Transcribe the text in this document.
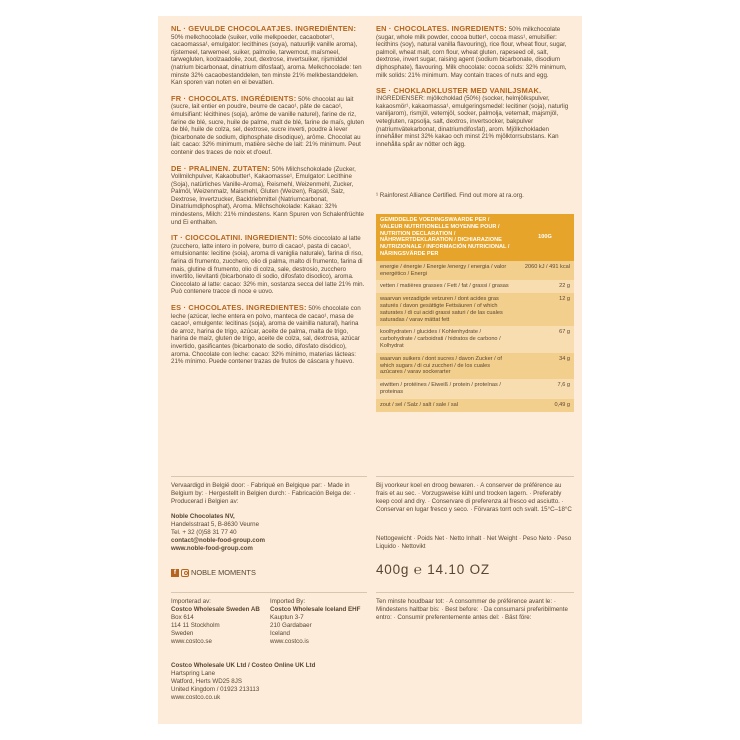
NL · GEVULDE CHOCOLAATJES. INGREDIËNTEN: 50% melkchocolade (suiker, volle melkpoeder, cacaoboter¹, cacaomassa¹, emulgator: lecithines (soya), natuurlijk vanille aroma), rijstemeel, tarwemeel, suiker, palmolie, tarwemout, maïsmeel, tarwegluten, koolzaadolie, zout, dextrose, invertsuiker, rijsmiddel (natrium bicarbonaat, dinatrium difosfaat), aroma. Melkchocolade: ten minste 32% cacaobestanddelen, ten minste 21% melkbestanddelen. Kan sporen van noten en ei bevatten.
FR · CHOCOLATS. INGRÉDIENTS: 50% chocolat au lait (sucre, lait entier en poudre, beurre de cacao¹, pâte de cacao¹, émulsifiant: lécithines (soja), arôme de vanille naturel), farine de riz, farine de blé, sucre, huile de palme, malt de blé, farine de maïs, gluten de blé, huile de colza, sel, dextrose, sucre inverti, poudre à lever (bicarbonate de sodium, diphosphate disodique), arôme. Chocolat au lait: cacao: 32% minimum, matière sèche de lait: 21% minimum. Peut contenir des traces de noix et d'oeuf.
DE · PRALINEN. ZUTATEN: 50% Milchschokolade (Zucker, Vollmilchpulver, Kakaobutter¹, Kakaomasse¹, Emulgator: Lecithine (Soja), natürliches Vanille-Aroma), Reismehl, Weizenmehl, Zucker, Palmöl, Weizenmalz, Maismehl, Gluten (Weizen), Rapsöl, Salz, Dextrose, Invertzucker, Backtriebmittel (Natriumcarbonat, Dinatriumdiphosphat), Aroma. Milchschokolade: Kakao: 32% mindestens, Milch: 21% mindestens. Kann Spuren von Schalenfrüchte und Ei enthalten.
IT · CIOCCOLATINI. INGREDIENTI: 50% cioccolato al latte (zucchero, latte intero in polvere, burro di cacao¹, pasta di cacao¹, emulsionante: lecitine (soia), aroma di vaniglia naturale), farina di riso, farina di frumento, zucchero, olio di palma, malto di frumento, farina di mais, glutine di frumento, olio di colza, sale, destrosio, zucchero invertito, lievitanti (bicarbonato di sodio, difosfato disodico), aroma. Cioccolato al latte: cacao: 32% min, sostanza secca del latte 21% min. Può contenere tracce di noce e uovo.
ES · CHOCOLATES. INGREDIENTES: 50% chocolate con leche (azúcar, leche entera en polvo, manteca de cacao¹, masa de cacao¹, emulgente: lecitinas (soja), aroma de vainilla natural), harina de arroz, harina de trigo, azúcar, aceite de palma, malta de trigo, harina de maíz, gluten de trigo, aceite de colza, sal, dextrosa, azúcar invertido, gasificantes (bicarbonato de sodio, difosfato disódico), aroma. Chocolate con leche: cacao: 32% mínimo, materias lácteas: 21% mínimo. Puede contener trazas de frutos de cáscara y huevo.
EN · CHOCOLATES. INGREDIENTS: 50% milkchocolate (sugar, whole milk powder, cocoa butter¹, cocoa mass¹, emulsifier: lecithins (soy), natural vanilla flavouring), rice flour, wheat flour, sugar, palmoil, wheat malt, corn flour, wheat gluten, rapeseed oil, salt, dextrose, invert sugar, raising agent (sodium bicarbonate, disodium diphosphate), flavouring. Milk chocolate: cocoa solids: 32% minimum, milk solids: 21% minimum. May contain traces of nuts and egg.
SE · CHOKLADKLUSTER MED VANILJSMAK.
INGREDIENSER: mjölkchoklad (50%) (socker, helmjölkspulver, kakaosmör¹, kakaomassa¹, emulgeringsmedel: lecitiner (soja), naturlig vaniljarom), rismjöl, vetemjöl, socker, palmolja, vetemalt, majsmjöl, vetegluten, rapsolja, salt, dextros, invertsocker, bakpulver (natriumvätekarbonat, dinatriumdifosfat), arom. Mjölkchokladen innehåller minst 32% kakao och minst 21% mjölktorrsubstans. Kan innehålla spår av nötter och ägg.
¹ Rainforest Alliance Certified. Find out more at ra.org.
GEMIDDELDE VOEDINGSWAARDE PER / VALEUR NUTRITIONELLE MOYENNE POUR / NUTRITION DECLARATION / NÄHRWERTDEKLARATION / DICHIARAZIONE NUTRIZIONALE / INFORMACIÓN NUTRICIONAL / NÄRINGSVÄRDE PER	100G
energie / énergie / Energie /energy / energia / valor energético / Energi	2060 kJ / 491 kcal
vetten / matières grasses / Fett / fat / grassi / grasas	22 g
waarvan verzadigde vetzuren / dont acides gras saturés / davon gesättigte Fettsäuren / of which saturates / di cui acidi grassi saturi / de las cuales saturadas / varav mättat fett	12 g
koolhydraten / glucides / Kohlenhydrate / carbohydrate / carboidrati / hidratos de carbono / Kolhydrat	67 g
waarvan suikers / dont sucres / davon Zucker / of which sugars / di cui zuccheri / de los cuales azúcares / varav sockerarter	34 g
eiwitten / protéines / Eiweiß / protein / proteínas / proteinas	7,6 g
zout / sel / Salz / salt / sale / sal	0,49 g
Vervaardigd in België door: · Fabriqué en Belgique par: · Made in Belgium by: · Hergestellt in Belgien durch: · Fabricación Belga de: · Producerad i Belgien av:
Noble Chocolates NV,
Handelsstraat 5, B-8630 Veurne
Tel. + 32 (0)58 31 77 40
contact@noble-food-group.com
www.noble-food-group.com
f	NOBLE MOMENTS
Bij voorkeur koel en droog bewaren. · A conserver de préférence au frais et au sec. · Vorzugsweise kühl und trocken lagern. · Preferably keep cool and dry. · Conservare di preferenza al fresco ed asciutto. · Conservar en lugar fresco y seco. · Förvaras torrt och svalt. 15°C–18°C
Nettogewicht · Poids Net · Netto Inhalt · Net Weight · Peso Neto · Peso Liquido · Nettovikt
400g ℮ 14.10 OZ
Importerad av:
Costco Wholesale Sweden AB
Box 614
114 11 Stockholm
Sweden
www.costco.se
Imported By:
Costco Wholesale Iceland EHF
Kauptun 3-7
210 Gardabaer
Iceland
www.costco.is
Ten minste houdbaar tot: · A consommer de préférence avant le: · Mindestens haltbar bis: · Best before: · Da consumarsi preferibilmente entro: · Consumir preferentemente antes del: · Bäst före:
Costco Wholesale UK Ltd / Costco Online UK Ltd
Hartspring Lane
Watford, Herts WD25 8JS
United Kingdom / 01923 213113
www.costco.co.uk
